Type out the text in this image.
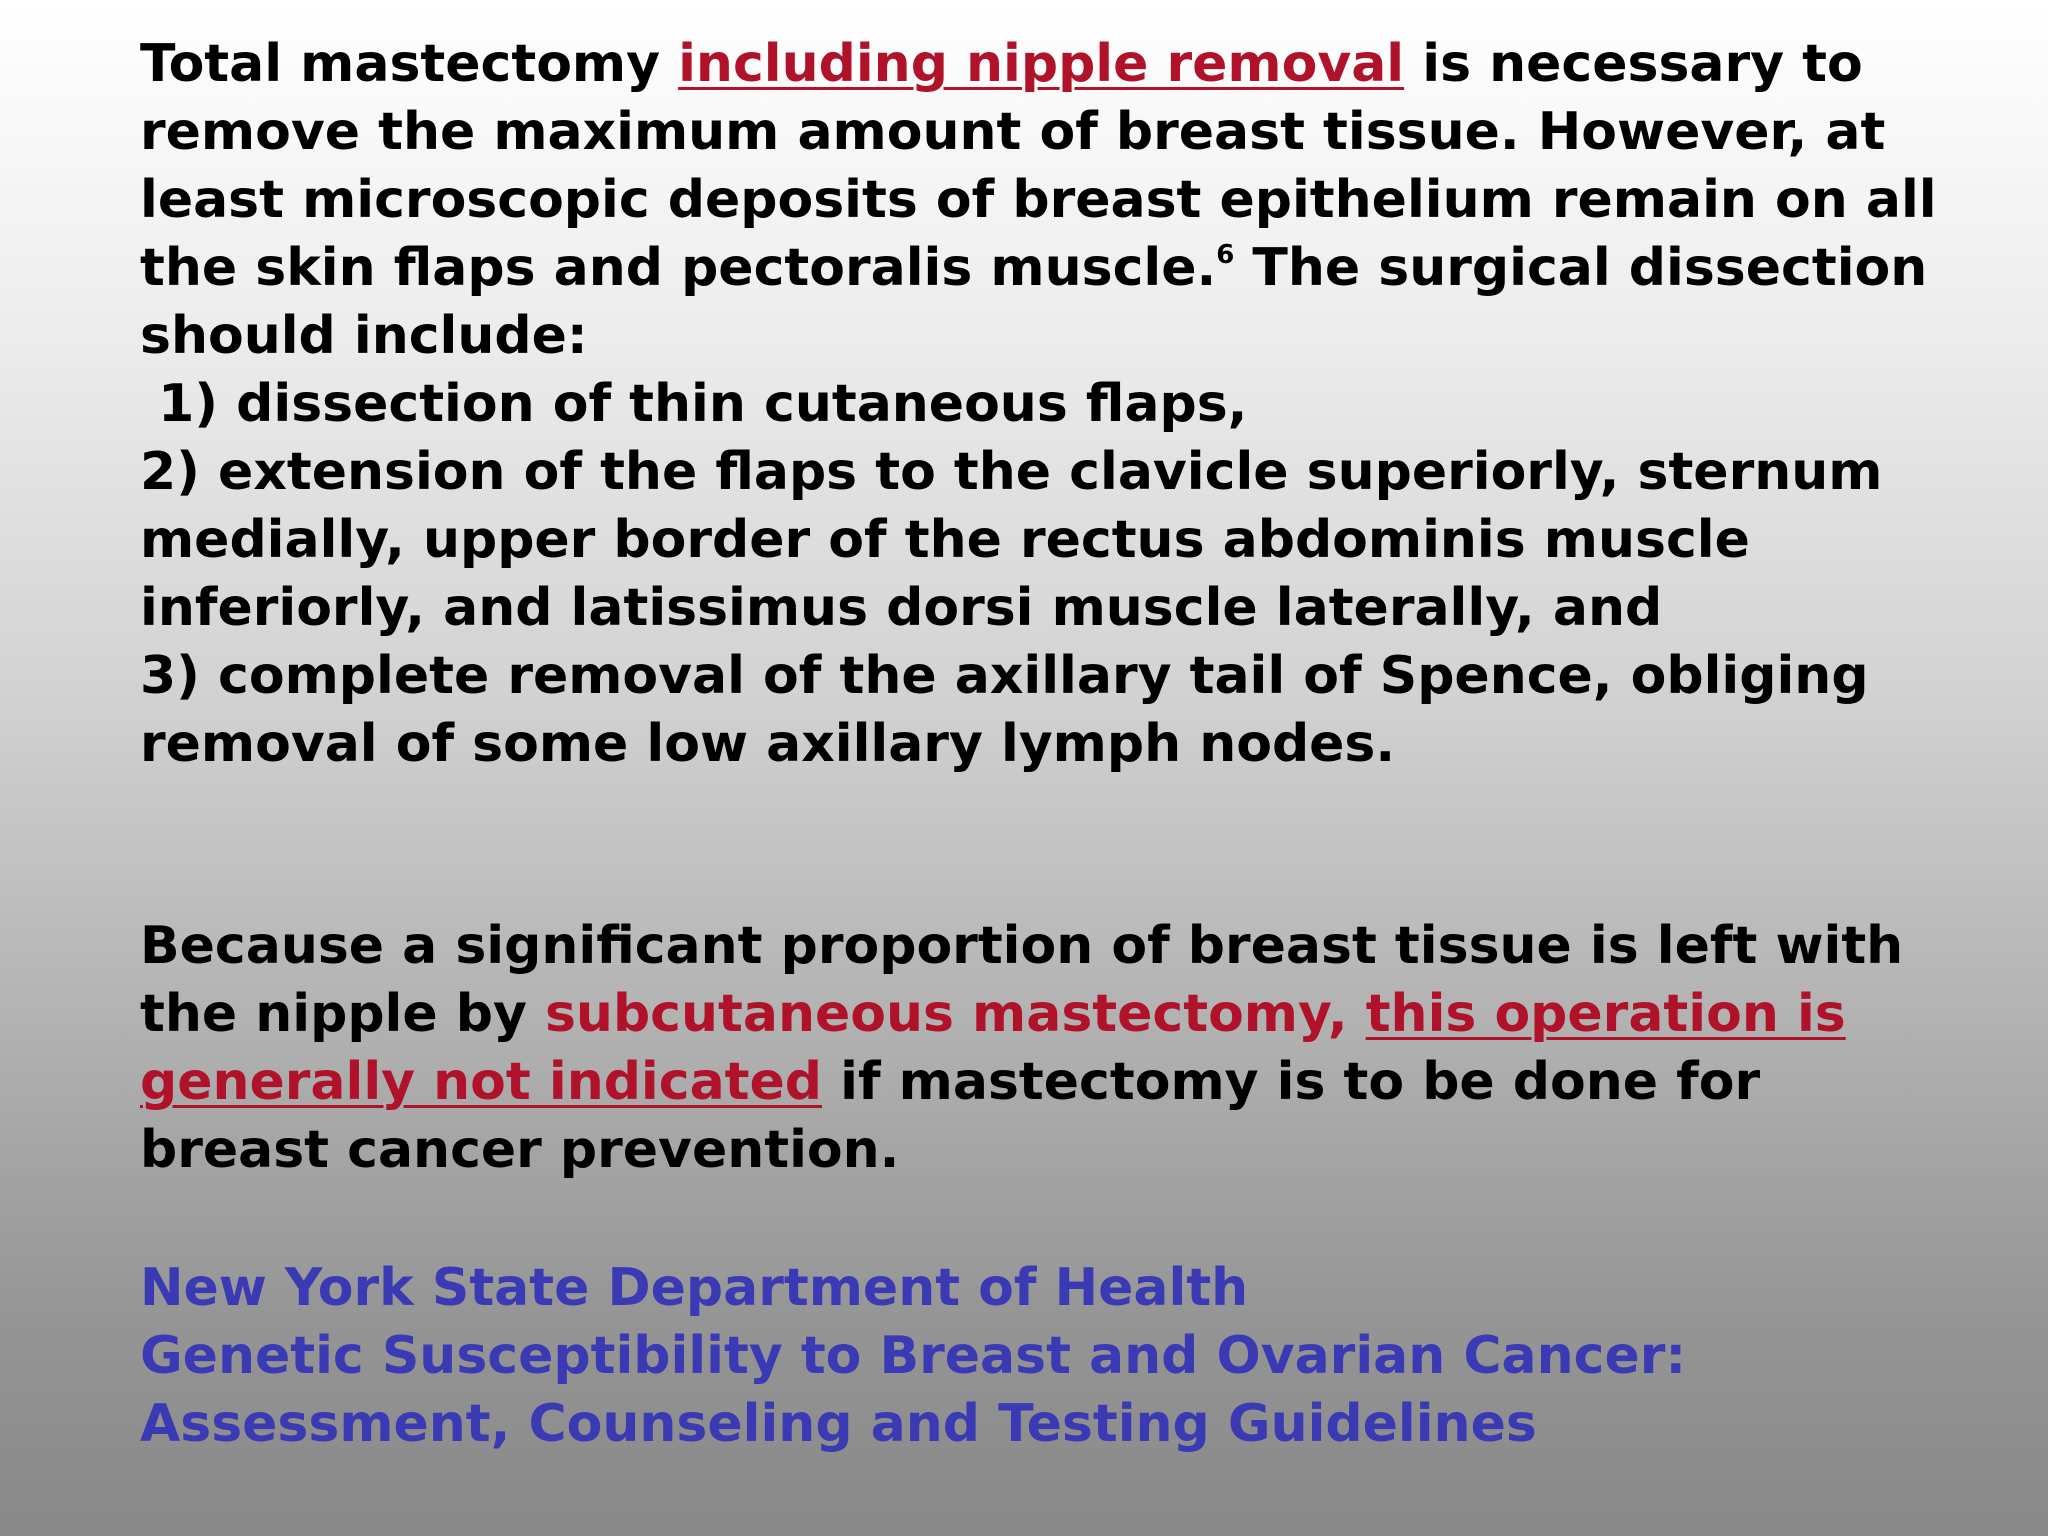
Total mastectomy including nipple removal is necessary to
remove the maximum amount of breast tissue. However, at
least microscopic deposits of breast epithelium remain on all
the skin flaps and pectoralis muscle.$^6$ The surgical dissection
should include:
1) dissection of thin cutaneous flaps,
2) extension of the flaps to the clavicle superiorly, sternum
medially, upper border of the rectus abdominis muscle
inferiorly, and latissimus dorsi muscle laterally, and
3) complete removal of the axillary tail of Spence, obliging
removal of some low axillary lymph nodes.
Because a significant proportion of breast tissue is left with
the nipple by subcutaneous mastectomy, this operation is
generally not indicated if mastectomy is to be done for
breast cancer prevention.
New York State Department of Health
Genetic Susceptibility to Breast and Ovarian Cancer:
Assessment, Counseling and Testing Guidelines
